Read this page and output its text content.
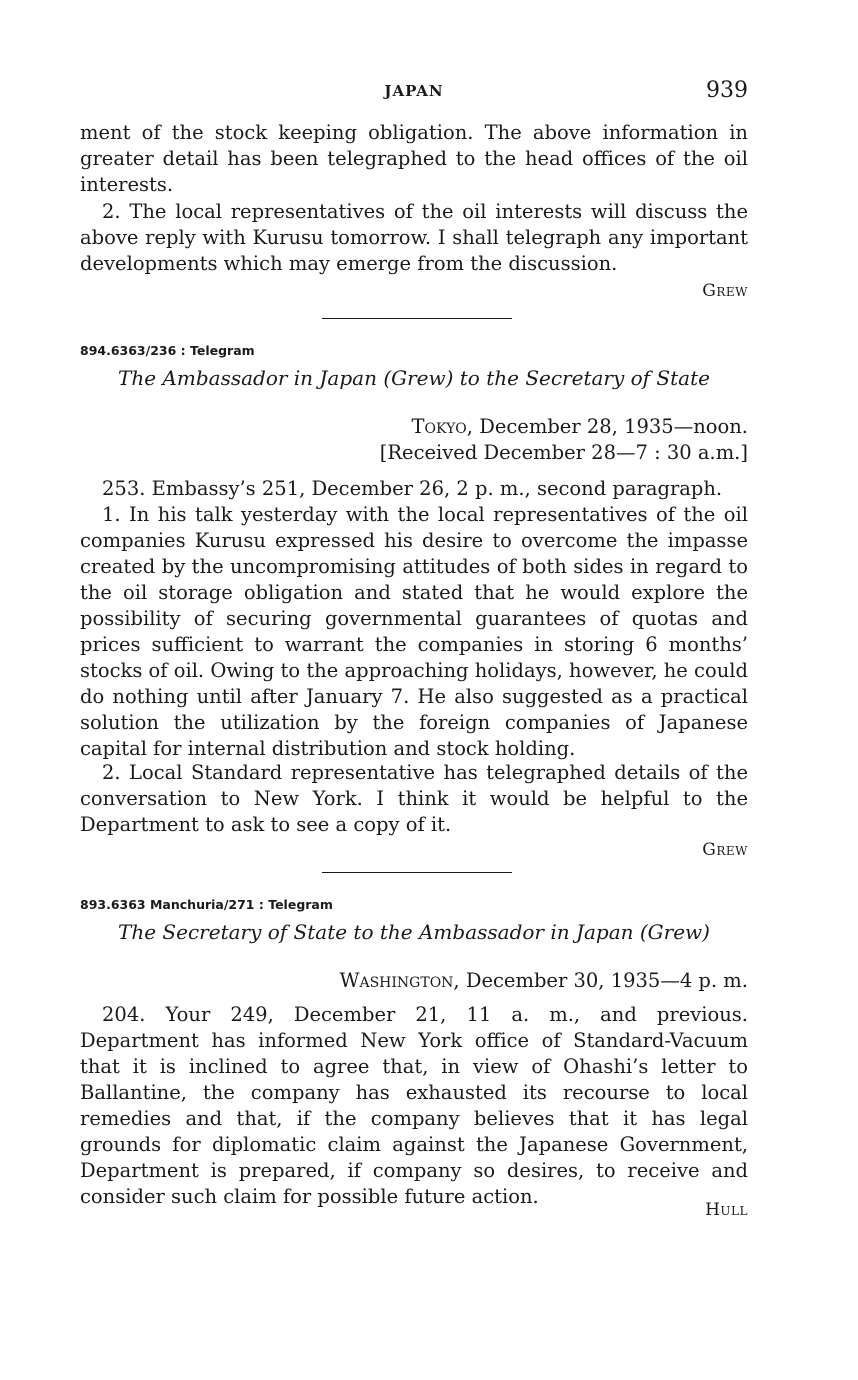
JAPAN	939

ment of the stock keeping obligation. The above information in greater detail has been telegraphed to the head offices of the oil interests.

2. The local representatives of the oil interests will discuss the above reply with Kurusu tomorrow. I shall telegraph any important developments which may emerge from the discussion.

Grew
894.6363/236 : Telegram
The Ambassador in Japan (Grew) to the Secretary of State
Tokyo, December 28, 1935—noon.
[Received December 28—7 : 30 a.m.]

253. Embassy’s 251, December 26, 2 p. m., second paragraph.

1. In his talk yesterday with the local representatives of the oil companies Kurusu expressed his desire to overcome the impasse created by the uncompromising attitudes of both sides in regard to the oil storage obligation and stated that he would explore the possibility of securing governmental guarantees of quotas and prices sufficient to warrant the companies in storing 6 months’ stocks of oil. Owing to the approaching holidays, however, he could do nothing until after January 7. He also suggested as a practical solution the utilization by the foreign companies of Japanese capital for internal distribution and stock holding.

2. Local Standard representative has telegraphed details of the conversation to New York. I think it would be helpful to the Department to ask to see a copy of it.

Grew
893.6363 Manchuria/271 : Telegram
The Secretary of State to the Ambassador in Japan (Grew)
Washington, December 30, 1935—4 p. m.

204. Your 249, December 21, 11 a. m., and previous. Department has informed New York office of Standard-Vacuum that it is inclined to agree that, in view of Ohashi’s letter to Ballantine, the company has exhausted its recourse to local remedies and that, if the company believes that it has legal grounds for diplomatic claim against the Japanese Government, Department is prepared, if company so desires, to receive and consider such claim for possible future action.

Hull
